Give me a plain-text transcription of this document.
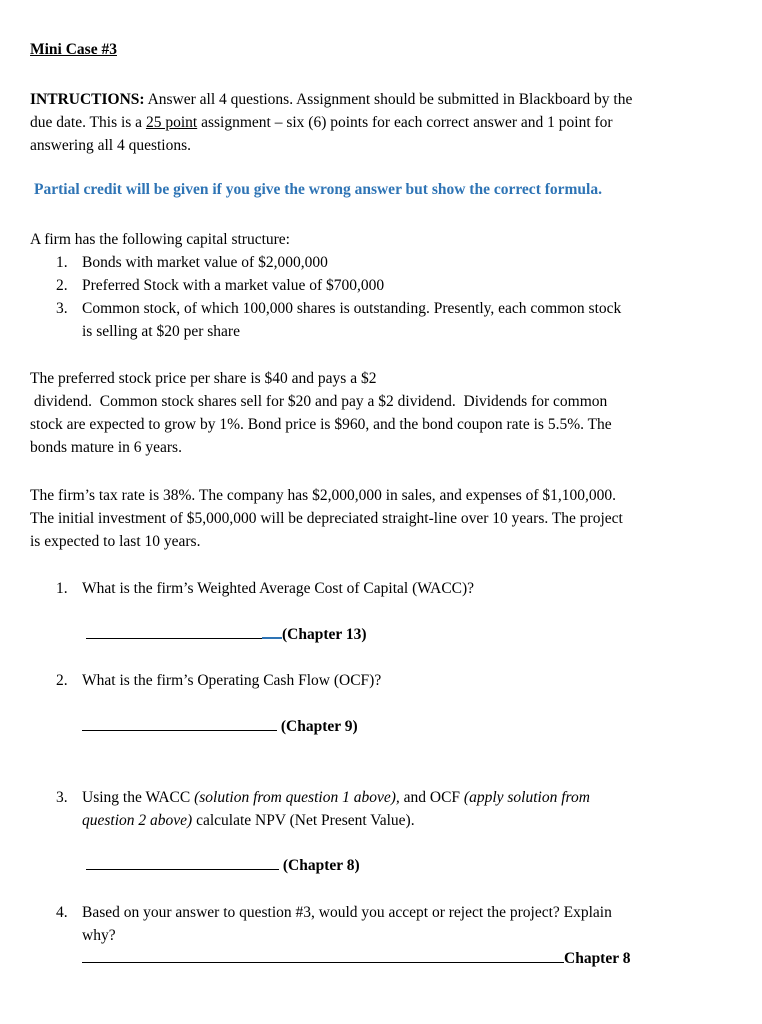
Mini Case #3
INTRUCTIONS: Answer all 4 questions. Assignment should be submitted in Blackboard by the
due date. This is a 25 point assignment – six (6) points for each correct answer and 1 point for
answering all 4 questions.
Partial credit will be given if you give the wrong answer but show the correct formula.
A firm has the following capital structure:
1. Bonds with market value of $2,000,000
2. Preferred Stock with a market value of $700,000
3. Common stock, of which 100,000 shares is outstanding. Presently, each common stock
is selling at $20 per share
The preferred stock price per share is $40 and pays a $2
dividend.  Common stock shares sell for $20 and pay a $2 dividend.  Dividends for common
stock are expected to grow by 1%. Bond price is $960, and the bond coupon rate is 5.5%. The
bonds mature in 6 years.
The firm’s tax rate is 38%. The company has $2,000,000 in sales, and expenses of $1,100,000.
The initial investment of $5,000,000 will be depreciated straight-line over 10 years. The project
is expected to last 10 years.
1. What is the firm’s Weighted Average Cost of Capital (WACC)?
(Chapter 13)
2. What is the firm’s Operating Cash Flow (OCF)?
(Chapter 9)
3. Using the WACC (solution from question 1 above), and OCF (apply solution from
question 2 above) calculate NPV (Net Present Value).
(Chapter 8)
4. Based on your answer to question #3, would you accept or reject the project? Explain
why?
Chapter 8
